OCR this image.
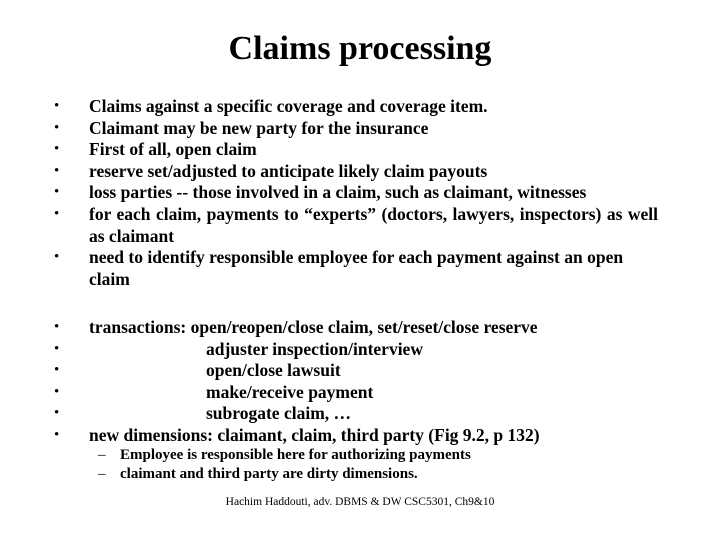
Claims processing
•	Claims against a specific coverage and coverage item.
•	Claimant may be new party for the insurance
•	First of all, open claim
•	reserve set/adjusted to anticipate likely claim payouts
•	loss parties -- those involved in a claim, such as claimant, witnesses
•	for each claim, payments to “experts” (doctors, lawyers, inspectors) as well as claimant
•	need to identify responsible employee for each payment against an open claim
•	transactions: open/reopen/close claim, set/reset/close reserve
•	adjuster inspection/interview
•	open/close lawsuit
•	make/receive payment
•	subrogate claim, …
•	new dimensions: claimant, claim, third party (Fig 9.2, p 132)
– Employee is responsible here for authorizing payments
– claimant and third party are dirty dimensions.
Hachim Haddouti, adv. DBMS & DW CSC5301, Ch9&10
